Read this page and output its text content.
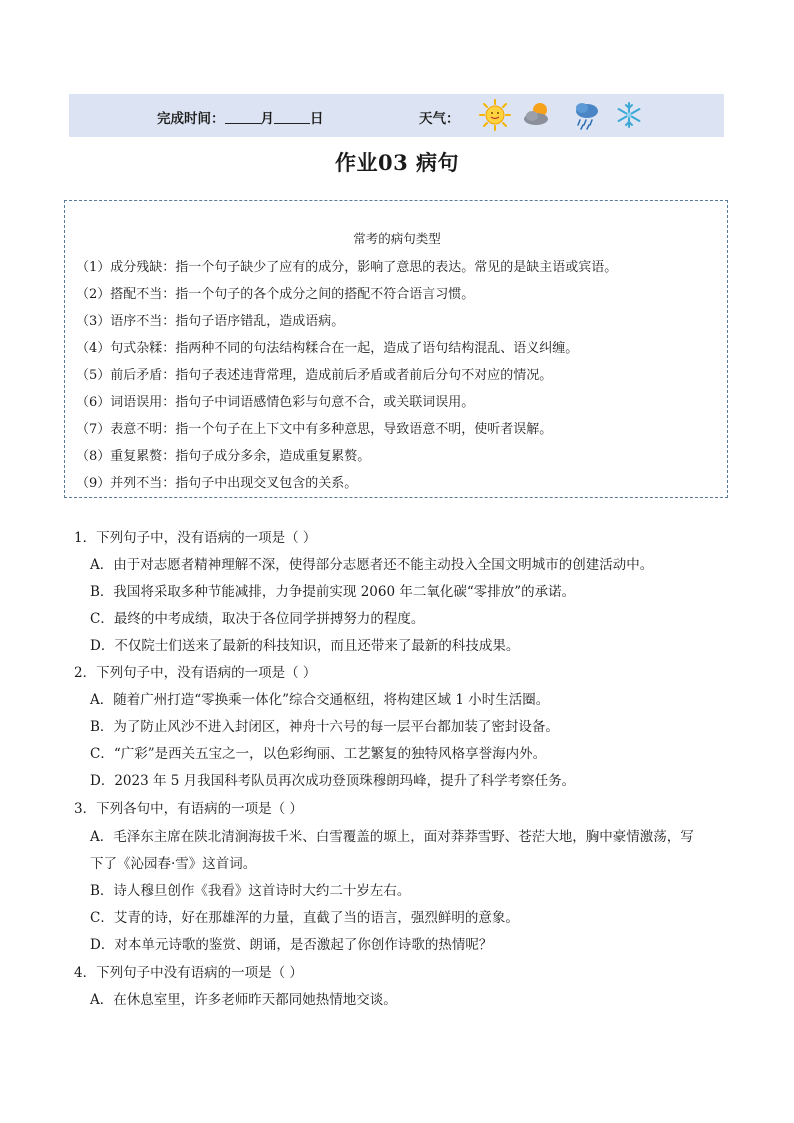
完成时间：	月	日	天气：
作业03 病句
常考的病句类型
（1）成分残缺：指一个句子缺少了应有的成分，影响了意思的表达。常见的是缺主语或宾语。
（2）搭配不当：指一个句子的各个成分之间的搭配不符合语言习惯。
（3）语序不当：指句子语序错乱，造成语病。
（4）句式杂糅：指两种不同的句法结构糅合在一起，造成了语句结构混乱、语义纠缠。
（5）前后矛盾：指句子表述违背常理，造成前后矛盾或者前后分句不对应的情况。
（6）词语误用：指句子中词语感情色彩与句意不合，或关联词误用。
（7）表意不明：指一个句子在上下文中有多种意思，导致语意不明，使听者误解。
（8）重复累赘：指句子成分多余，造成重复累赘。
（9）并列不当：指句子中出现交叉包含的关系。
1．下列句子中，没有语病的一项是（ ）
A．由于对志愿者精神理解不深，使得部分志愿者还不能主动投入全国文明城市的创建活动中。
B．我国将采取多种节能减排，力争提前实现 2060 年二氧化碳“零排放”的承诺。
C．最终的中考成绩，取决于各位同学拼搏努力的程度。
D．不仅院士们送来了最新的科技知识，而且还带来了最新的科技成果。
2．下列句子中，没有语病的一项是（ ）
A．随着广州打造“零换乘一体化”综合交通枢纽，将构建区域 1 小时生活圈。
B．为了防止风沙不进入封闭区，神舟十六号的每一层平台都加装了密封设备。
C．“广彩”是西关五宝之一，以色彩绚丽、工艺繁复的独特风格享誉海内外。
D．2023 年 5 月我国科考队员再次成功登顶珠穆朗玛峰，提升了科学考察任务。
3．下列各句中，有语病的一项是（ ）
A．毛泽东主席在陕北清涧海拔千米、白雪覆盖的塬上，面对莽莽雪野、苍茫大地，胸中豪情激荡，写
下了《沁园春·雪》这首词。
B．诗人穆旦创作《我看》这首诗时大约二十岁左右。
C．艾青的诗，好在那雄浑的力量，直截了当的语言，强烈鲜明的意象。
D．对本单元诗歌的鉴赏、朗诵，是否激起了你创作诗歌的热情呢？
4．下列句子中没有语病的一项是（ ）
A．在休息室里，许多老师昨天都同她热情地交谈。
